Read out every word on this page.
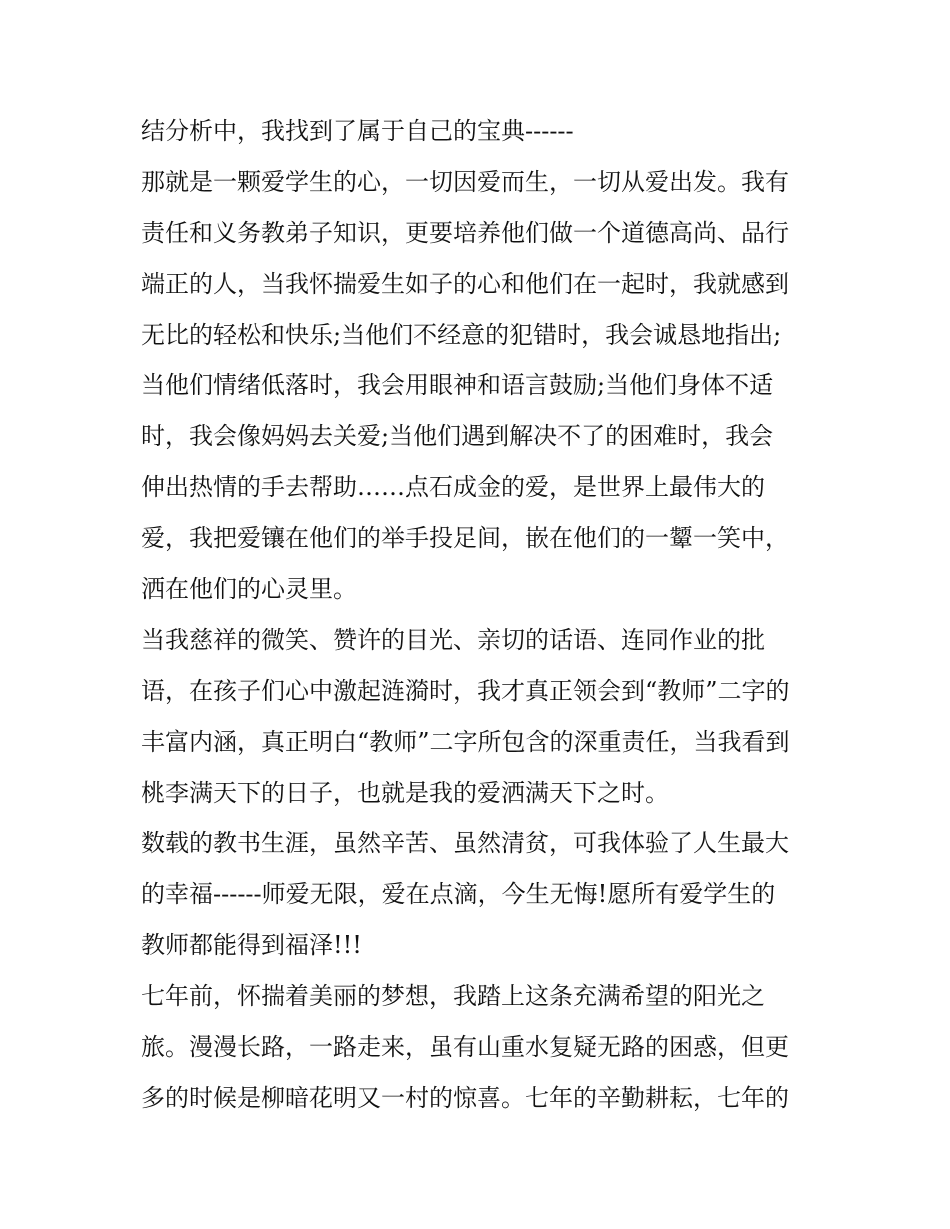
结分析中，我找到了属于自己的宝典------
那就是一颗爱学生的心，一切因爱而生，一切从爱出发。我有
责任和义务教弟子知识，更要培养他们做一个道德高尚、品行
端正的人，当我怀揣爱生如子的心和他们在一起时，我就感到
无比的轻松和快乐;当他们不经意的犯错时，我会诚恳地指出;
当他们情绪低落时，我会用眼神和语言鼓励;当他们身体不适
时，我会像妈妈去关爱;当他们遇到解决不了的困难时，我会
伸出热情的手去帮助……点石成金的爱，是世界上最伟大的
爱，我把爱镶在他们的举手投足间，嵌在他们的一颦一笑中，
洒在他们的心灵里。
当我慈祥的微笑、赞许的目光、亲切的话语、连同作业的批
语，在孩子们心中激起涟漪时，我才真正领会到“教师”二字的
丰富内涵，真正明白“教师”二字所包含的深重责任，当我看到
桃李满天下的日子，也就是我的爱洒满天下之时。
数载的教书生涯，虽然辛苦、虽然清贫，可我体验了人生最大
的幸福------师爱无限，爱在点滴，今生无悔!愿所有爱学生的
教师都能得到福泽!!!
七年前，怀揣着美丽的梦想，我踏上这条充满希望的阳光之
旅。漫漫长路，一路走来，虽有山重水复疑无路的困惑，但更
多的时候是柳暗花明又一村的惊喜。七年的辛勤耕耘，七年的
